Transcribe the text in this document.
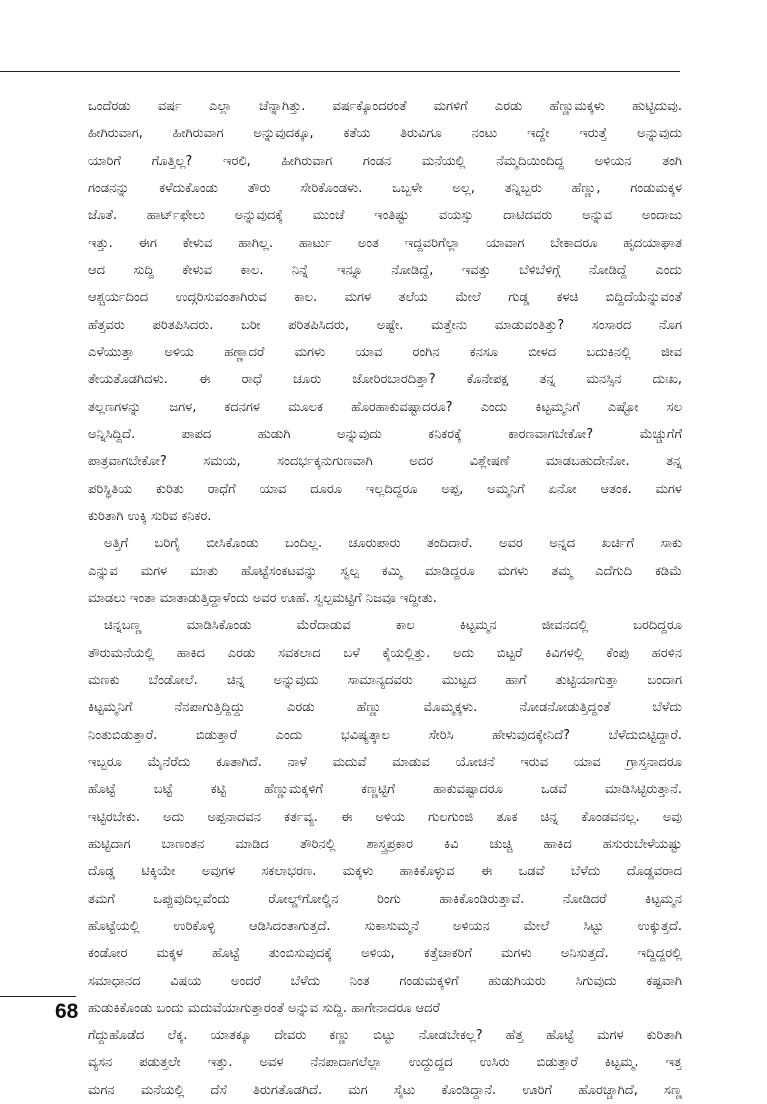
ಒಂದೆರಡು ವರ್ಷ ಎಲ್ಲಾ ಚೆನ್ನಾಗಿತ್ತು. ವರ್ಷಕ್ಕೊಂದರಂತೆ ಮಗಳಿಗೆ ಎರಡು ಹೆಣ್ಣುಮಕ್ಕಳು ಹುಟ್ಟಿದುವು.
ಹೀಗಿರುವಾಗ, ಹೀಗಿರುವಾಗ ಅನ್ನುವುದಕ್ಕೂ, ಕತೆಯ ತಿರುವಿಗೂ ನಂಟು ಇದ್ದೇ ಇರುತ್ತೆ ಅನ್ನುವುದು
ಯಾರಿಗೆ ಗೊತ್ತಿಲ್ಲ? ಇರಲಿ, ಹೀಗಿರುವಾಗ ಗಂಡನ ಮನೆಯಲ್ಲಿ ನೆಮ್ಮದಿಯಿಂದಿದ್ದ ಅಳಿಯನ ತಂಗಿ
ಗಂಡನನ್ನು ಕಳೆದುಕೊಂಡು ತೌರು ಸೇರಿಕೊಂಡಳು. ಒಬ್ಬಳೇ ಅಲ್ಲ, ತನ್ನಿಬ್ಬರು ಹೆಣ್ಣು, ಗಂಡುಮಕ್ಕಳ
ಜೊತೆ. ಹಾರ್ಟ್‌ಫೇಲು ಅನ್ನುವುದಕ್ಕೆ ಮುಂಚೆ ಇಂತಿಷ್ಟು ವಯಸ್ಸು ದಾಟಿದವರು ಅನ್ನುವ ಅಂದಾಜು
ಇತ್ತು. ಈಗ ಕೇಳುವ ಹಾಗಿಲ್ಲ. ಹಾರ್ಟು ಅಂತ ಇದ್ದವರಿಗೆಲ್ಲಾ ಯಾವಾಗ ಬೇಕಾದರೂ ಹೃದಯಾಘಾತ
ಆದ ಸುದ್ದಿ ಕೇಳುವ ಕಾಲ. ನಿನ್ನೆ ಇನ್ನೂ ನೋಡಿದ್ದೆ, ಇವತ್ತು ಬೆಳಿಬೆಳಿಗ್ಗೆ ನೋಡಿದ್ದೆ ಎಂದು
ಆಶ್ಚರ್ಯದಿಂದ ಉದ್ಗರಿಸುವಂತಾಗಿರುವ ಕಾಲ. ಮಗಳ ತಲೆಯ ಮೇಲೆ ಗುಡ್ಡ ಕಳಚಿ ಬಿದ್ದಿದೆಯೆನ್ನುವಂತೆ
ಹೆತ್ತವರು ಪರಿತಪಿಸಿದರು. ಬರೀ ಪರಿತಪಿಸಿದರು, ಅಷ್ಟೇ. ಮತ್ತೇನು ಮಾಡುವಂತಿತ್ತು? ಸಂಸಾರದ ನೊಗ
ಎಳೆಯುತ್ತಾ ಅಳಿಯ ಹಣ್ಣಾದರೆ ಮಗಳು ಯಾವ ರಂಗಿನ ಕನಸೂ ಬೀಳದ ಬದುಕಿನಲ್ಲಿ ಜೀವ
ತೇಯತೊಡಗಿದಳು. ಈ ರಾಧೆ ಚೂರು ಜೋರಿರಬಾರದಿತ್ತಾ? ಕೊನೇಪಕ್ಷ ತನ್ನ ಮನಸ್ಸಿನ ದುಃಖ,
ತಲ್ಲಣಗಳನ್ನು ಜಗಳ, ಕದನಗಳ ಮೂಲಕ ಹೊರಹಾಕುವಷ್ಟಾದರೂ? ಎಂದು ಕಿಟ್ಟಮ್ಮನಿಗೆ ಎಷ್ಟೋ ಸಲ
ಅನ್ನಿಸಿದ್ದಿದೆ. ಪಾಪದ ಹುಡುಗಿ ಅನ್ನುವುದು ಕನಿಕರಕ್ಕೆ ಕಾರಣವಾಗಬೇಕೋ? ಮೆಚ್ಚುಗೆಗೆ
ಪಾತ್ರವಾಗಬೇಕೋ? ಸಮಯ, ಸಂದರ್ಭಕ್ಕನುಗುಣವಾಗಿ ಅದರ ವಿಶ್ಲೇಷಣೆ ಮಾಡಬಹುದೇನೋ. ತನ್ನ
ಪರಿಸ್ಥಿತಿಯ ಕುರಿತು ರಾಧೆಗೆ ಯಾವ ದೂರೂ ಇಲ್ಲದಿದ್ದರೂ ಅಪ್ಪ, ಅಮ್ಮನಿಗೆ ಏನೋ ಆತಂಕ. ಮಗಳ
ಕುರಿತಾಗಿ ಉಕ್ಕಿ ಸುರಿವ ಕನಿಕರ.
ಅತ್ತಿಗೆ ಬರಿಗೈ ಬೀಸಿಕೊಂಡು ಬಂದಿಲ್ಲ. ಚೂರುಪಾರು ತಂದಿದಾರೆ. ಅವರ ಅನ್ನದ ಖರ್ಚಿಗೆ ಸಾಕು
ಎನ್ನುವ ಮಗಳ ಮಾತು ಹೊಟ್ಟೆಸಂಕಟವನ್ನು ಸ್ವಲ್ಪ ಕಮ್ಮಿ ಮಾಡಿದ್ದರೂ ಮಗಳು ತಮ್ಮ ಎದೆಗುದಿ ಕಡಿಮೆ
ಮಾಡಲು ಇಂತಾ ಮಾತಾಡುತ್ತಿದ್ದಾಳೆಂದು ಅವರ ಊಹೆ. ಸ್ವಲ್ಪಮಟ್ಟಿಗೆ ನಿಜವೂ ಇದ್ದೀತು.
ಚಿನ್ನಬಣ್ಣ ಮಾಡಿಸಿಕೊಂಡು ಮೆರೆದಾಡುವ ಕಾಲ ಕಿಟ್ಟಮ್ಮನ ಜೀವನದಲ್ಲಿ ಬರದಿದ್ದರೂ
ತೌರುಮನೆಯಲ್ಲಿ ಹಾಕಿದ ಎರಡು ಸವಕಲಾದ ಬಳೆ ಕೈಯಲ್ಲಿತ್ತು. ಅದು ಬಿಟ್ಟರೆ ಕಿವಿಗಳಲ್ಲಿ ಕೆಂಪು ಹರಳಿನ
ಮಣಕು ಬೆಂಡೋಲೆ. ಚಿನ್ನ ಅನ್ನುವುದು ಸಾಮಾನ್ಯದವರು ಮುಟ್ಟದ ಹಾಗೆ ತುಟ್ಟಿಯಾಗುತ್ತಾ ಬಂದಾಗ
ಕಿಟ್ಟಮ್ಮನಿಗೆ ನೆನಪಾಗುತ್ತಿದ್ದಿದ್ದು ಎರಡು ಹೆಣ್ಣು ಮೊಮ್ಮಕ್ಕಳು. ನೋಡನೋಡುತ್ತಿದ್ದಂತೆ ಬೆಳೆದು
ನಿಂತುಬಿಡುತ್ತಾರೆ. ಬಿಡುತ್ತಾರೆ ಎಂದು ಭವಿಷ್ಯತ್ಕಾಲ ಸೇರಿಸಿ ಹೇಳುವುದಕ್ಕೇನಿದೆ? ಬೆಳೆದುಬಿಟ್ಟಿದ್ದಾರೆ.
ಇಬ್ಬರೂ ಮೈನೆರೆದು ಕೂತಾಗಿದೆ. ನಾಳೆ ಮದುವೆ ಮಾಡುವ ಯೋಚನೆ ಇರುವ ಯಾವ ಗ್ರಾಸ್ತನಾದರೂ
ಹೊಟ್ಟೆ ಬಟ್ಟೆ ಕಟ್ಟಿ ಹೆಣ್ಣುಮಕ್ಕಳಿಗೆ ಕಣ್ಣಟ್ಟಿಗೆ ಹಾಕುವಷ್ಟಾದರೂ ಒಡವೆ ಮಾಡಿಸಿಟ್ಟಿರುತ್ತಾನೆ.
ಇಟ್ಟಿರಬೇಕು. ಅದು ಅಪ್ಪನಾದವನ ಕರ್ತವ್ಯ. ಈ ಅಳಿಯ ಗುಲಗುಂಜಿ ತೂಕ ಚಿನ್ನ ಕೊಂಡವನಲ್ಲ. ಅವು
ಹುಟ್ಟಿದಾಗ ಬಾಣಂತನ ಮಾಡಿದ ತೌರಿನಲ್ಲಿ ಶಾಸ್ತ್ರಪ್ರಕಾರ ಕಿವಿ ಚುಚ್ಚಿ ಹಾಕಿದ ಹಸುರುಬೇಳೆಯಷ್ಟು
ದೊಡ್ಡ ಟಿಕ್ಕಿಯೇ ಅವುಗಳ ಸಕಲಾಭರಣ. ಮಕ್ಕಳು ಹಾಕಿಕೊಳ್ಳುವ ಈ ಒಡವೆ ಬೆಳೆದು ದೊಡ್ಡವರಾದ
ತಮಗೆ ಒಪ್ಪುವುದಿಲ್ಲವೆಂದು ರೋಲ್ಡ್‌ಗೋಲ್ಡಿನ ರಿಂಗು ಹಾಕಿಕೊಂಡಿರುತ್ತಾವೆ. ನೋಡಿದರೆ ಕಿಟ್ಟಮ್ಮನ
ಹೊಟ್ಟೆಯಲ್ಲಿ ಉರಿಕೊಳ್ಳಿ ಆಡಿಸಿದಂತಾಗುತ್ತದೆ. ಸುಕಾಸುಮ್ಮನೆ ಅಳಿಯನ ಮೇಲೆ ಸಿಟ್ಟು ಉಕ್ಕುತ್ತದೆ.
ಕಂಡೋರ ಮಕ್ಕಳ ಹೊಟ್ಟೆ ತುಂಬಿಸುವುದಕ್ಕೆ ಅಳಿಯ, ಕತ್ತೆಚಾಕರಿಗೆ ಮಗಳು ಅನಿಸುತ್ತದೆ. ಇದ್ದಿದ್ದರಲ್ಲಿ
ಸಮಾಧಾನದ ವಿಷಯ ಅಂದರೆ ಬೆಳೆದು ನಿಂತ ಗಂಡುಮಕ್ಕಳಿಗೆ ಹುಡುಗಿಯರು ಸಿಗುವುದು ಕಷ್ಟವಾಗಿ
ಹುಡುಕಿಕೊಂಡು ಬಂದು ಮದುವೆಯಾಗುತ್ತಾರಂತೆ ಅನ್ನುವ ಸುದ್ದಿ. ಹಾಗೇನಾದರೂ ಆದರೆ
ಗೆದ್ದುಹೊಡೆದ ಲೆಕ್ಕ. ಯಾತಕ್ಕೂ ದೇವರು ಕಣ್ಣು ಬಿಟ್ಟು ನೋಡಬೇಕಲ್ಲ? ಹೆತ್ತ ಹೊಟ್ಟೆ ಮಗಳ ಕುರಿತಾಗಿ
ವ್ಯಸನ ಪಡುತ್ತಲೇ ಇತ್ತು. ಅವಳ ನೆನಪಾದಾಗಲೆಲ್ಲಾ ಉದ್ದುದ್ದದ ಉಸಿರು ಬಿಡುತ್ತಾರೆ ಕಿಟ್ಟಮ್ಮ. ಇತ್ತ
ಮಗನ ಮನೆಯಲ್ಲಿ ದೆಸೆ ತಿರುಗತೊಡಗಿದೆ. ಮಗ ಸೈಟು ಕೊಂಡಿದ್ದಾನೆ. ಊರಿಗೆ ಹೊರಚ್ಚಾಗಿದೆ, ಸಣ್ಣ
68
